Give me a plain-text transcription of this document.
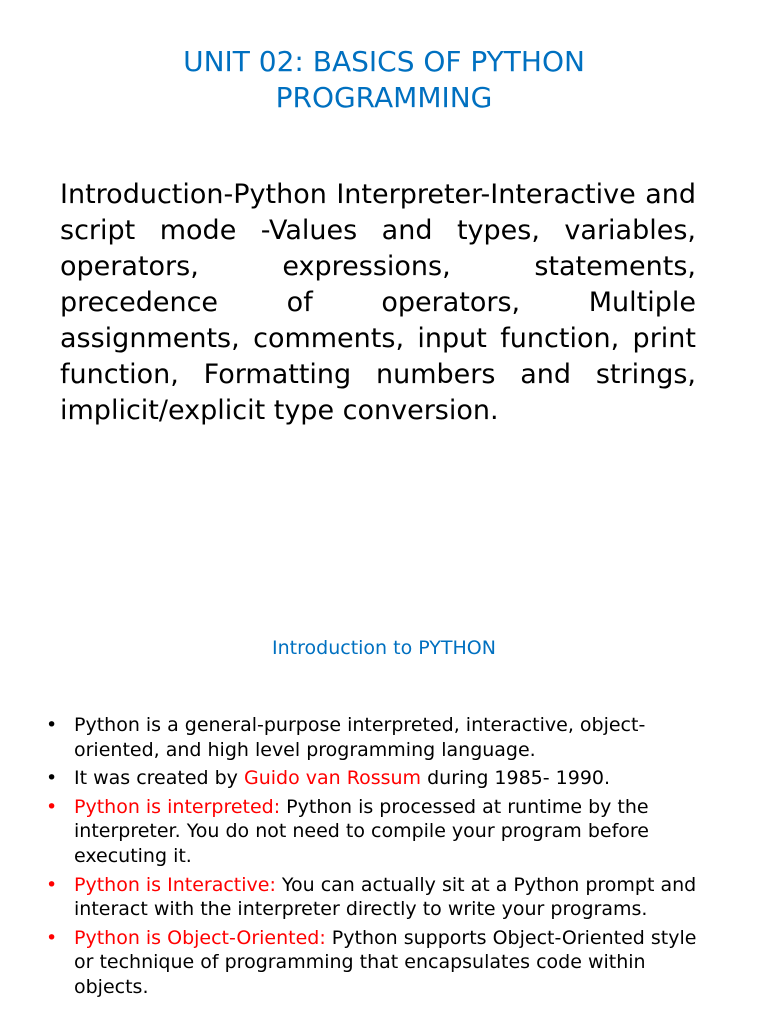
UNIT 02: BASICS OF PYTHON
PROGRAMMING

Introduction-Python Interpreter-Interactive and script mode -Values and types, variables, operators, expressions, statements, precedence of operators, Multiple assignments, comments, input function, print function, Formatting numbers and strings, implicit/explicit type conversion.

Introduction to PYTHON
• Python is a general-purpose interpreted, interactive, object-oriented, and high level programming language.
• It was created by Guido van Rossum during 1985- 1990.
• Python is interpreted: Python is processed at runtime by the interpreter. You do not need to compile your program before executing it.
• Python is Interactive: You can actually sit at a Python prompt and interact with the interpreter directly to write your programs.
• Python is Object-Oriented: Python supports Object-Oriented style or technique of programming that encapsulates code within objects.
